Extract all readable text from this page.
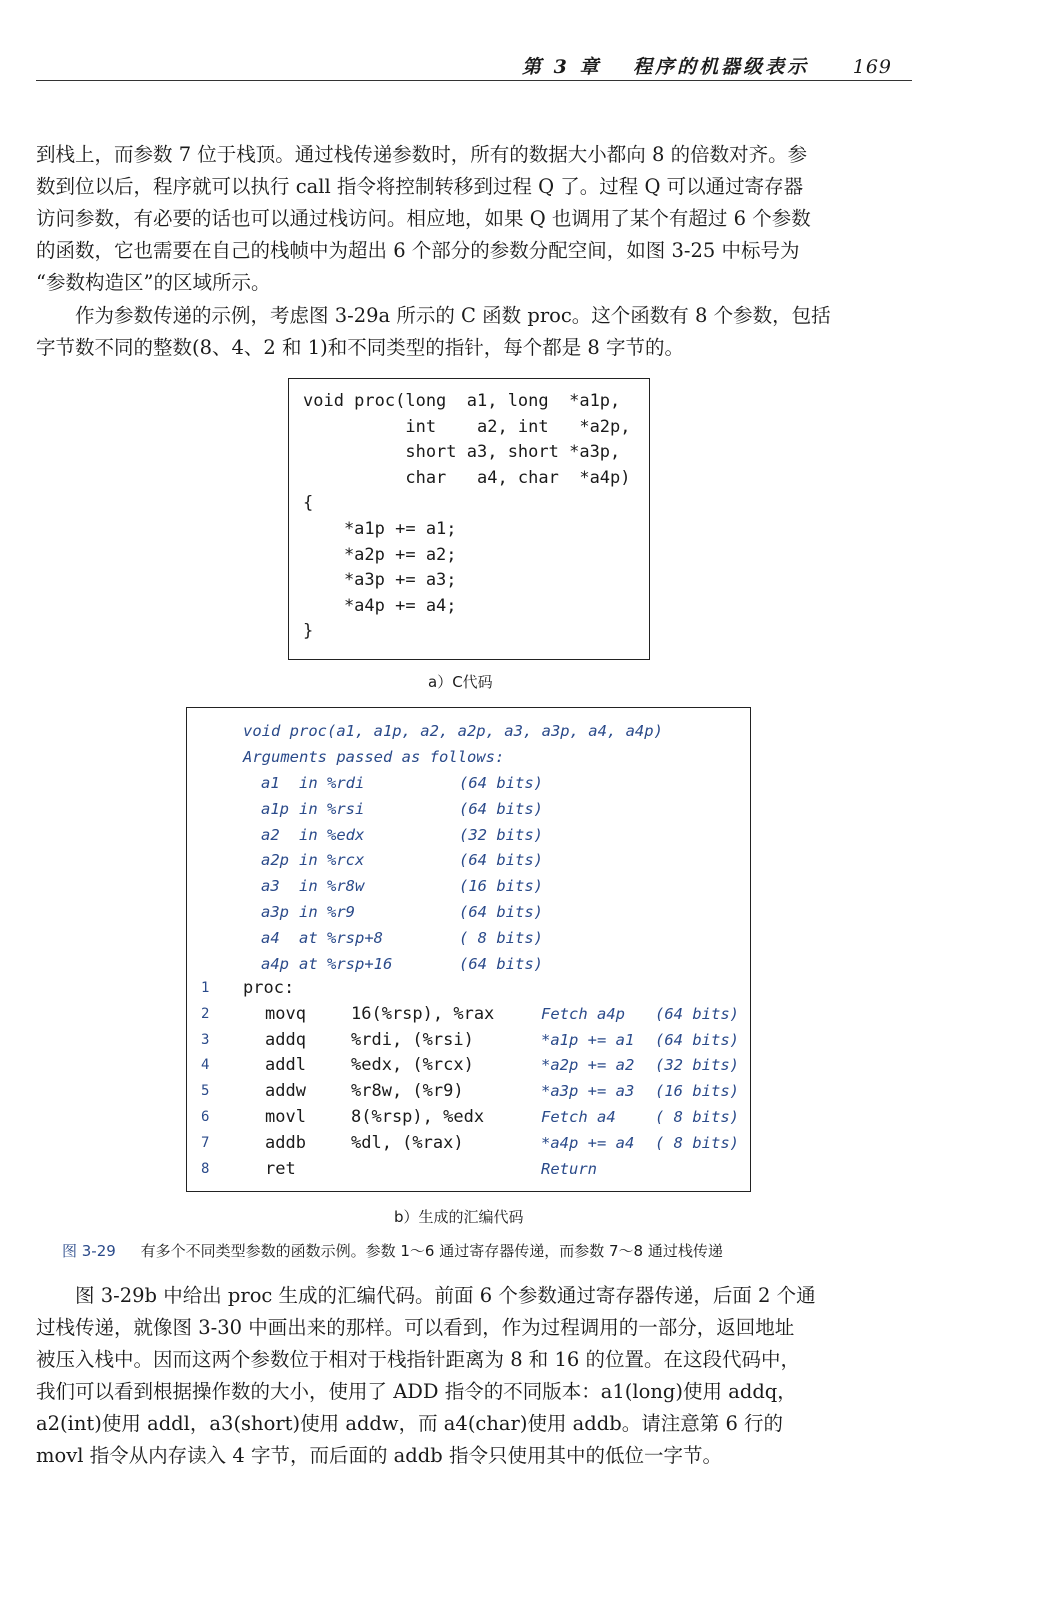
第 3 章 程序的机器级表示 169
到栈上，而参数 7 位于栈顶。通过栈传递参数时，所有的数据大小都向 8 的倍数对齐。参
数到位以后，程序就可以执行 call 指令将控制转移到过程 Q 了。过程 Q 可以通过寄存器
访问参数，有必要的话也可以通过栈访问。相应地，如果 Q 也调用了某个有超过 6 个参数
的函数，它也需要在自己的栈帧中为超出 6 个部分的参数分配空间，如图 3-25 中标号为
“参数构造区”的区域所示。
　　作为参数传递的示例，考虑图 3-29a 所示的 C 函数 proc。这个函数有 8 个参数，包括
字节数不同的整数(8、4、2 和 1)和不同类型的指针，每个都是 8 字节的。
void proc(long  a1, long  *a1p,
int    a2, int   *a2p,
short a3, short *a3p,
char   a4, char  *a4p)
{
*a1p += a1;
*a2p += a2;
*a3p += a3;
*a4p += a4;
}
a）C代码
void proc(a1, a1p, a2, a2p, a3, a3p, a4, a4p)
Arguments passed as follows:
a1 in %rdi	(64 bits)
a1p in %rsi	(64 bits)
a2 in %edx	(32 bits)
a2p in %rcx	(64 bits)
a3 in %r8w	(16 bits)
a3p in %r9	(64 bits)
a4 at %rsp+8	( 8 bits)
a4p at %rsp+16	(64 bits)
1 proc:
2	movq	16(%rsp), %rax	Fetch a4p (64 bits)
3	addq	%rdi, (%rsi)	*a1p += a1 (64 bits)
4	addl	%edx, (%rcx)	*a2p += a2 (32 bits)
5	addw	%r8w, (%r9)	*a3p += a3 (16 bits)
6	movl	8(%rsp), %edx	Fetch a4	( 8 bits)
7	addb	%dl, (%rax)	*a4p += a4 ( 8 bits)
8	ret	Return
b）生成的汇编代码
图 3-29 有多个不同类型参数的函数示例。参数 1～6 通过寄存器传递，而参数 7～8 通过栈传递
　　图 3-29b 中给出 proc 生成的汇编代码。前面 6 个参数通过寄存器传递，后面 2 个通
过栈传递，就像图 3-30 中画出来的那样。可以看到，作为过程调用的一部分，返回地址
被压入栈中。因而这两个参数位于相对于栈指针距离为 8 和 16 的位置。在这段代码中，
我们可以看到根据操作数的大小，使用了 ADD 指令的不同版本：a1(long)使用 addq，
a2(int)使用 addl，a3(short)使用 addw，而 a4(char)使用 addb。请注意第 6 行的
movl 指令从内存读入 4 字节，而后面的 addb 指令只使用其中的低位一字节。
